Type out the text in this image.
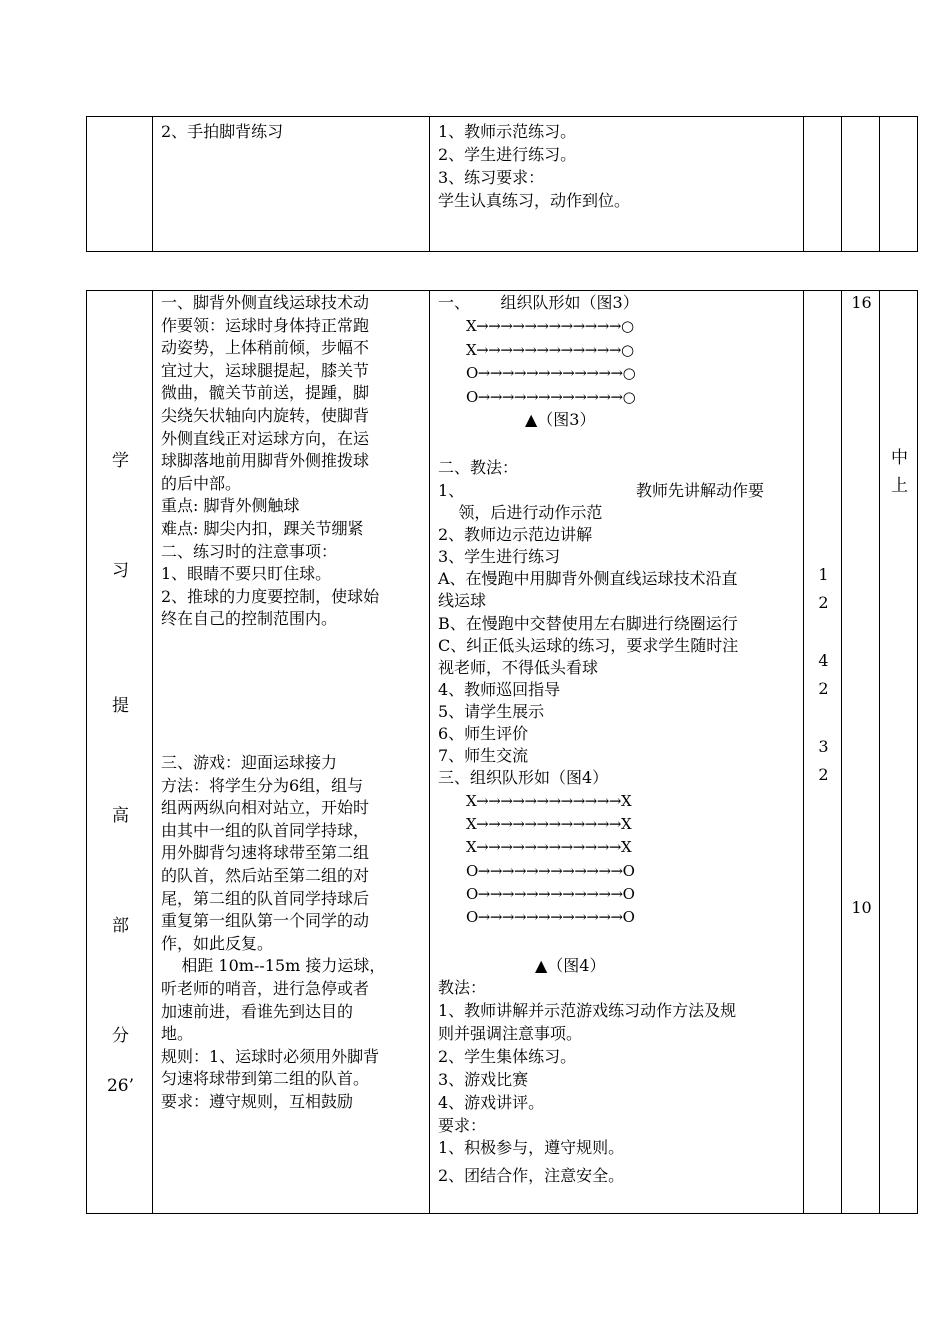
2、手拍脚背练习	1、教师示范练习。
2、学生进行练习。
3、练习要求：
学生认真练习，动作到位。
学
习
提
高
部
分
26’
一、脚背外侧直线运球技术动
作要领：运球时身体持正常跑
动姿势，上体稍前倾，步幅不
宜过大，运球腿提起，膝关节
微曲，髋关节前送，提踵，脚
尖绕矢状轴向内旋转，使脚背
外侧直线正对运球方向，在运
球脚落地前用脚背外侧推拨球
的后中部。
重点: 脚背外侧触球
难点: 脚尖内扣，踝关节绷紧
二、练习时的注意事项：
1、眼睛不要只盯住球。
2、推球的力度要控制，使球始
终在自己的控制范围内。
三、游戏：迎面运球接力
方法：将学生分为6组，组与
组两两纵向相对站立，开始时
由其中一组的队首同学持球，
用外脚背匀速将球带至第二组
的队首，然后站至第二组的对
尾，第二组的队首同学持球后
重复第一组队第一个同学的动
作，如此反复。
相距 10m--15m 接力运球，
听老师的哨音，进行急停或者
加速前进，看谁先到达目的
地。
规则：1、运球时必须用外脚背
匀速将球带到第二组的队首。
要求：遵守规则，互相鼓励
一、      组织队形如（图3）
X→→→→→→→→→→→→○
X→→→→→→→→→→→→○
O→→→→→→→→→→→→○
O→→→→→→→→→→→→○
▲（图3）
二、教法：
1、	教师先讲解动作要
领，后进行动作示范
2、教师边示范边讲解
3、学生进行练习
A、在慢跑中用脚背外侧直线运球技术沿直
线运球
B、在慢跑中交替使用左右脚进行绕圈运行
C、纠正低头运球的练习，要求学生随时注
视老师，不得低头看球
4、教师巡回指导
5、请学生展示
6、师生评价
7、师生交流
三、组织队形如（图4）
X→→→→→→→→→→→→X
X→→→→→→→→→→→→X
X→→→→→→→→→→→→X
O→→→→→→→→→→→→O
O→→→→→→→→→→→→O
O→→→→→→→→→→→→O
▲（图4）
教法：
1、教师讲解并示范游戏练习动作方法及规
则并强调注意事项。
2、学生集体练习。
3、游戏比赛
4、游戏讲评。
要求：
1、积极参与，遵守规则。
2、团结合作，注意安全。
1
2
4
2
3
2
16
10
中
上
